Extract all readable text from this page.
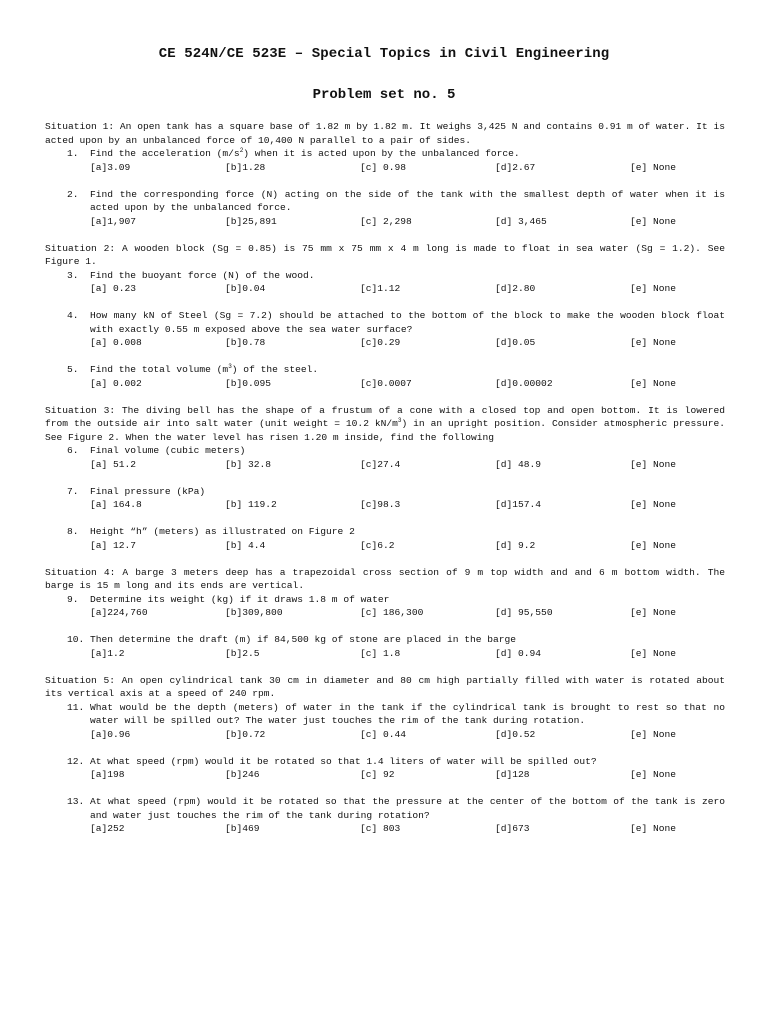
CE 524N/CE 523E – Special Topics in Civil Engineering
Problem set no. 5

Situation 1: An open tank has a square base of 1.82 m by 1.82 m. It weighs 3,425 N and contains 0.91 m of water. It is acted upon by an unbalanced force of 10,400 N parallel to a pair of sides.

1.	Find the acceleration $(m/s^2)$ when it is acted upon by the unbalanced force.
[a]3.09	[b]1.28	[c] 0.98	[d]2.67	[e] None
2.	Find the corresponding force (N) acting on the side of the tank with the smallest depth of water when it is acted upon by the unbalanced force.
[a]1,907	[b]25,891	[c] 2,298	[d] 3,465	[e] None

Situation 2: A wooden block (Sg = 0.85) is 75 mm x 75 mm x 4 m long is made to float in sea water (Sg = 1.2). See Figure 1.

3.	Find the buoyant force (N) of the wood.
[a] 0.23	[b]0.04	[c]1.12	[d]2.80	[e] None
4.	How many kN of Steel (Sg = 7.2) should be attached to the bottom of the block to make the wooden block float with exactly 0.55 m exposed above the sea water surface?
[a] 0.008	[b]0.78	[c]0.29	[d]0.05	[e] None
5.	Find the total volume $(m^3)$ of the steel.
[a] 0.002	[b]0.095	[c]0.0007	[d]0.00002	[e] None

Situation 3: The diving bell has the shape of a frustum of a cone with a closed top and open bottom. It is lowered from the outside air into salt water (unit weight = 10.2 $kN/m^3$) in an upright position. Consider atmospheric pressure. See Figure 2. When the water level has risen 1.20 m inside, find the following

6.	Final volume (cubic meters)
[a] 51.2	[b] 32.8	[c]27.4	[d] 48.9	[e] None
7.	Final pressure (kPa)
[a] 164.8	[b] 119.2	[c]98.3	[d]157.4	[e] None
8.	Height “h” (meters) as illustrated on Figure 2
[a] 12.7	[b] 4.4	[c]6.2	[d] 9.2	[e] None

Situation 4: A barge 3 meters deep has a trapezoidal cross section of 9 m top width and and 6 m bottom width. The barge is 15 m long and its ends are vertical.

9.	Determine its weight (kg) if it draws 1.8 m of water
[a]224,760	[b]309,800	[c] 186,300	[d] 95,550	[e] None
10. Then determine the draft (m) if 84,500 kg of stone are placed in the barge
[a]1.2	[b]2.5	[c] 1.8	[d] 0.94	[e] None

Situation 5: An open cylindrical tank 30 cm in diameter and 80 cm high partially filled with water is rotated about its vertical axis at a speed of 240 rpm.

11. What would be the depth (meters) of water in the tank if the cylindrical tank is brought to rest so that no water will be spilled out? The water just touches the rim of the tank during rotation.
[a]0.96	[b]0.72	[c] 0.44	[d]0.52	[e] None
12. At what speed (rpm) would it be rotated so that 1.4 liters of water will be spilled out?
[a]198	[b]246	[c] 92	[d]128	[e] None
13. At what speed (rpm) would it be rotated so that the pressure at the center of the bottom of the tank is zero and water just touches the rim of the tank during rotation?
[a]252	[b]469	[c] 803	[d]673	[e] None
